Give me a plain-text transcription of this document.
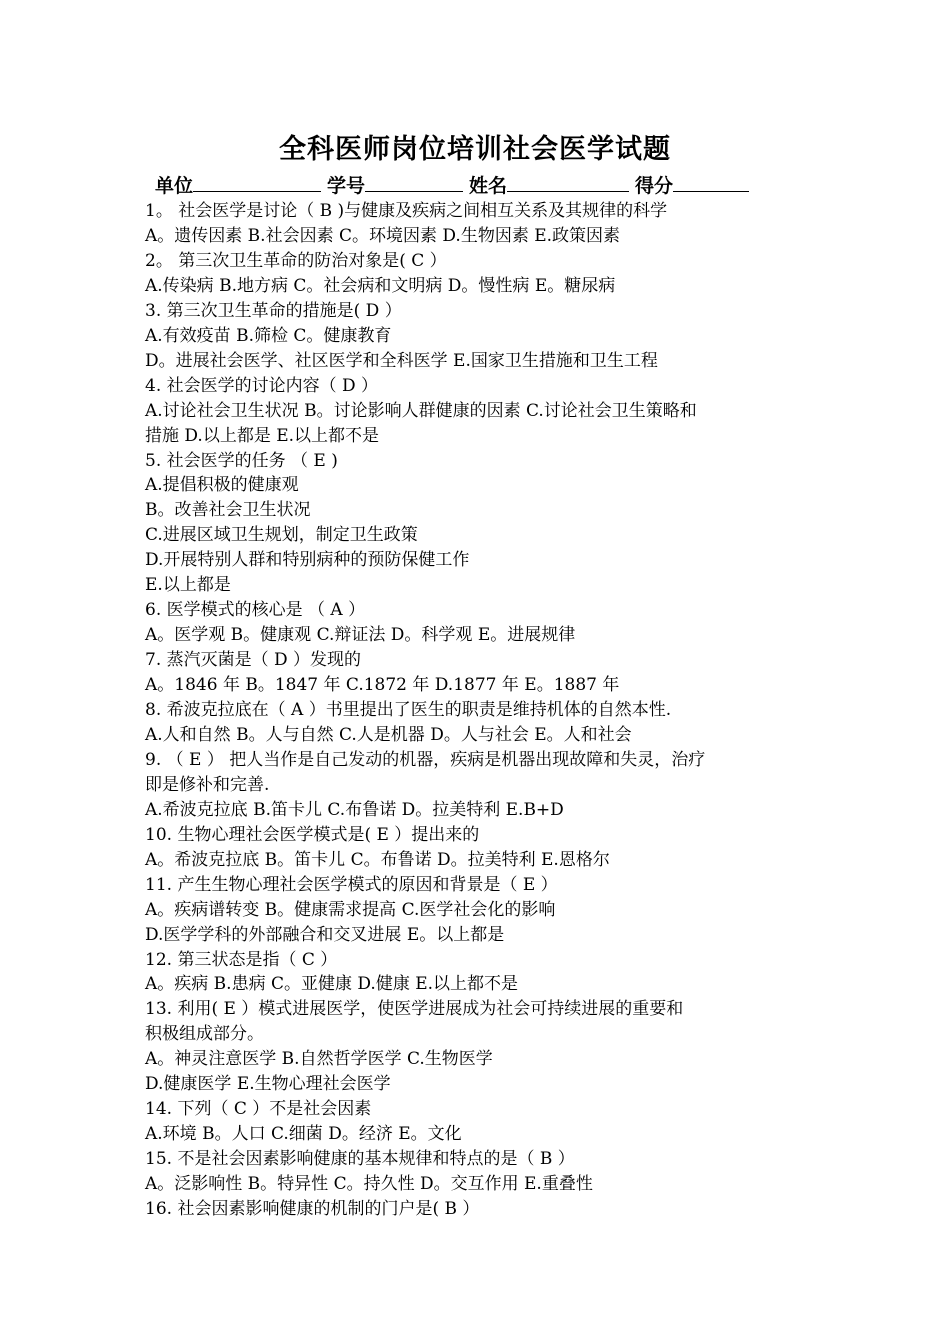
全科医师岗位培训社会医学试题
单位	学号	姓名	得分
1。 社会医学是讨论（ B )与健康及疾病之间相互关系及其规律的科学
A。遗传因素 B.社会因素 C。环境因素 D.生物因素 E.政策因素
2。 第三次卫生革命的防治对象是( C ）
A.传染病 B.地方病 C。社会病和文明病 D。慢性病 E。糖尿病
3. 第三次卫生革命的措施是( D ）
A.有效疫苗 B.筛检 C。健康教育
D。进展社会医学、社区医学和全科医学 E.国家卫生措施和卫生工程
4. 社会医学的讨论内容（ D ）
A.讨论社会卫生状况 B。讨论影响人群健康的因素 C.讨论社会卫生策略和
措施 D.以上都是 E.以上都不是
5. 社会医学的任务 （ E )
A.提倡积极的健康观
B。改善社会卫生状况
C.进展区域卫生规划，制定卫生政策
D.开展特别人群和特别病种的预防保健工作
E.以上都是
6. 医学模式的核心是 （ A ）
A。医学观 B。健康观 C.辩证法 D。科学观 E。进展规律
7. 蒸汽灭菌是（ D ）发现的
A。1846 年 B。1847 年 C.1872 年 D.1877 年 E。1887 年
8. 希波克拉底在（ A ）书里提出了医生的职责是维持机体的自然本性.
A.人和自然 B。人与自然 C.人是机器 D。人与社会 E。人和社会
9. （ E ） 把人当作是自己发动的机器，疾病是机器出现故障和失灵，治疗
即是修补和完善.
A.希波克拉底 B.笛卡儿 C.布鲁诺 D。拉美特利 E.B+D
10. 生物心理社会医学模式是( E ）提出来的
A。希波克拉底 B。笛卡儿 C。布鲁诺 D。拉美特利 E.恩格尔
11. 产生生物心理社会医学模式的原因和背景是（ E ）
A。疾病谱转变 B。健康需求提高 C.医学社会化的影响
D.医学学科的外部融合和交叉进展 E。以上都是
12. 第三状态是指（ C ）
A。疾病 B.患病 C。亚健康 D.健康 E.以上都不是
13. 利用( E ）模式进展医学，使医学进展成为社会可持续进展的重要和
积极组成部分。
A。神灵注意医学 B.自然哲学医学 C.生物医学
D.健康医学 E.生物心理社会医学
14. 下列（ C ）不是社会因素
A.环境 B。人口 C.细菌 D。经济 E。文化
15. 不是社会因素影响健康的基本规律和特点的是（ B ）
A。泛影响性 B。特异性 C。持久性 D。交互作用 E.重叠性
16. 社会因素影响健康的机制的门户是( B ）
